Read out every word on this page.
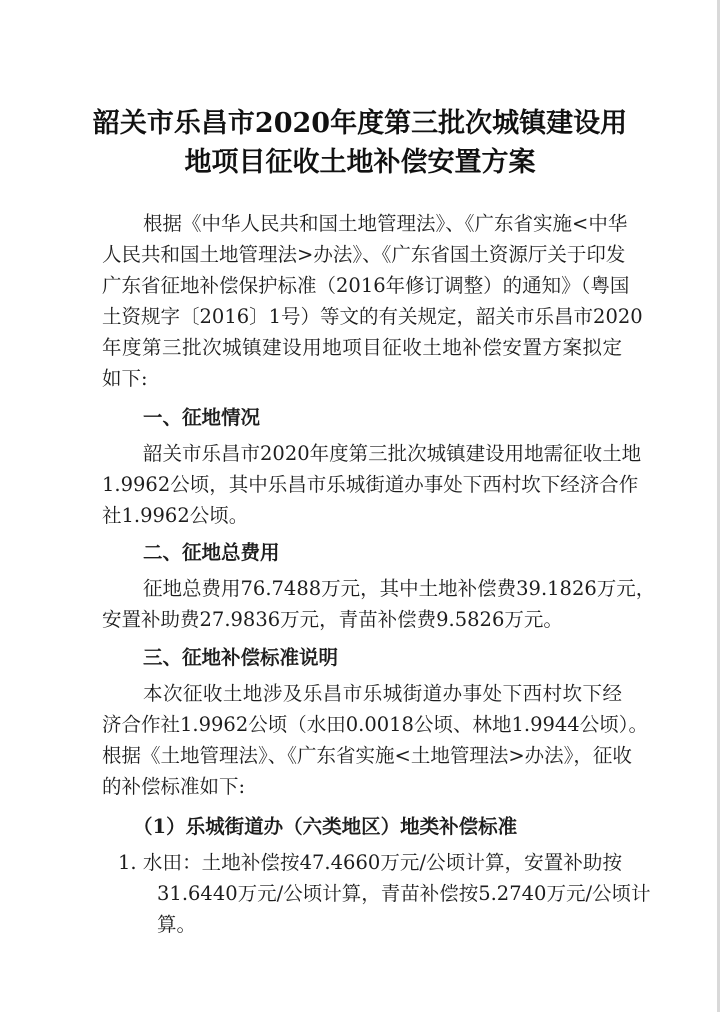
韶关市乐昌市2020年度第三批次城镇建设用
地项目征收土地补偿安置方案
根据《中华人民共和国土地管理法》、《广东省实施<中华
人民共和国土地管理法>办法》、《广东省国土资源厅关于印发
广东省征地补偿保护标准（2016年修订调整）的通知》（粤国
土资规字〔2016〕1号）等文的有关规定，韶关市乐昌市2020
年度第三批次城镇建设用地项目征收土地补偿安置方案拟定
如下:
一、征地情况
韶关市乐昌市2020年度第三批次城镇建设用地需征收土地
1.9962公顷，其中乐昌市乐城街道办事处下西村坎下经济合作
社1.9962公顷。
二、征地总费用
征地总费用76.7488万元，其中土地补偿费39.1826万元，
安置补助费27.9836万元，青苗补偿费9.5826万元。
三、征地补偿标准说明
本次征收土地涉及乐昌市乐城街道办事处下西村坎下经
济合作社1.9962公顷（水田0.0018公顷、林地1.9944公顷）。
根据《土地管理法》、《广东省实施<土地管理法>办法》，征收
的补偿标准如下:
（1）乐城街道办（六类地区）地类补偿标准
1. 水田：土地补偿按47.4660万元/公顷计算，安置补助按
31.6440万元/公顷计算，青苗补偿按5.2740万元/公顷计
算。
